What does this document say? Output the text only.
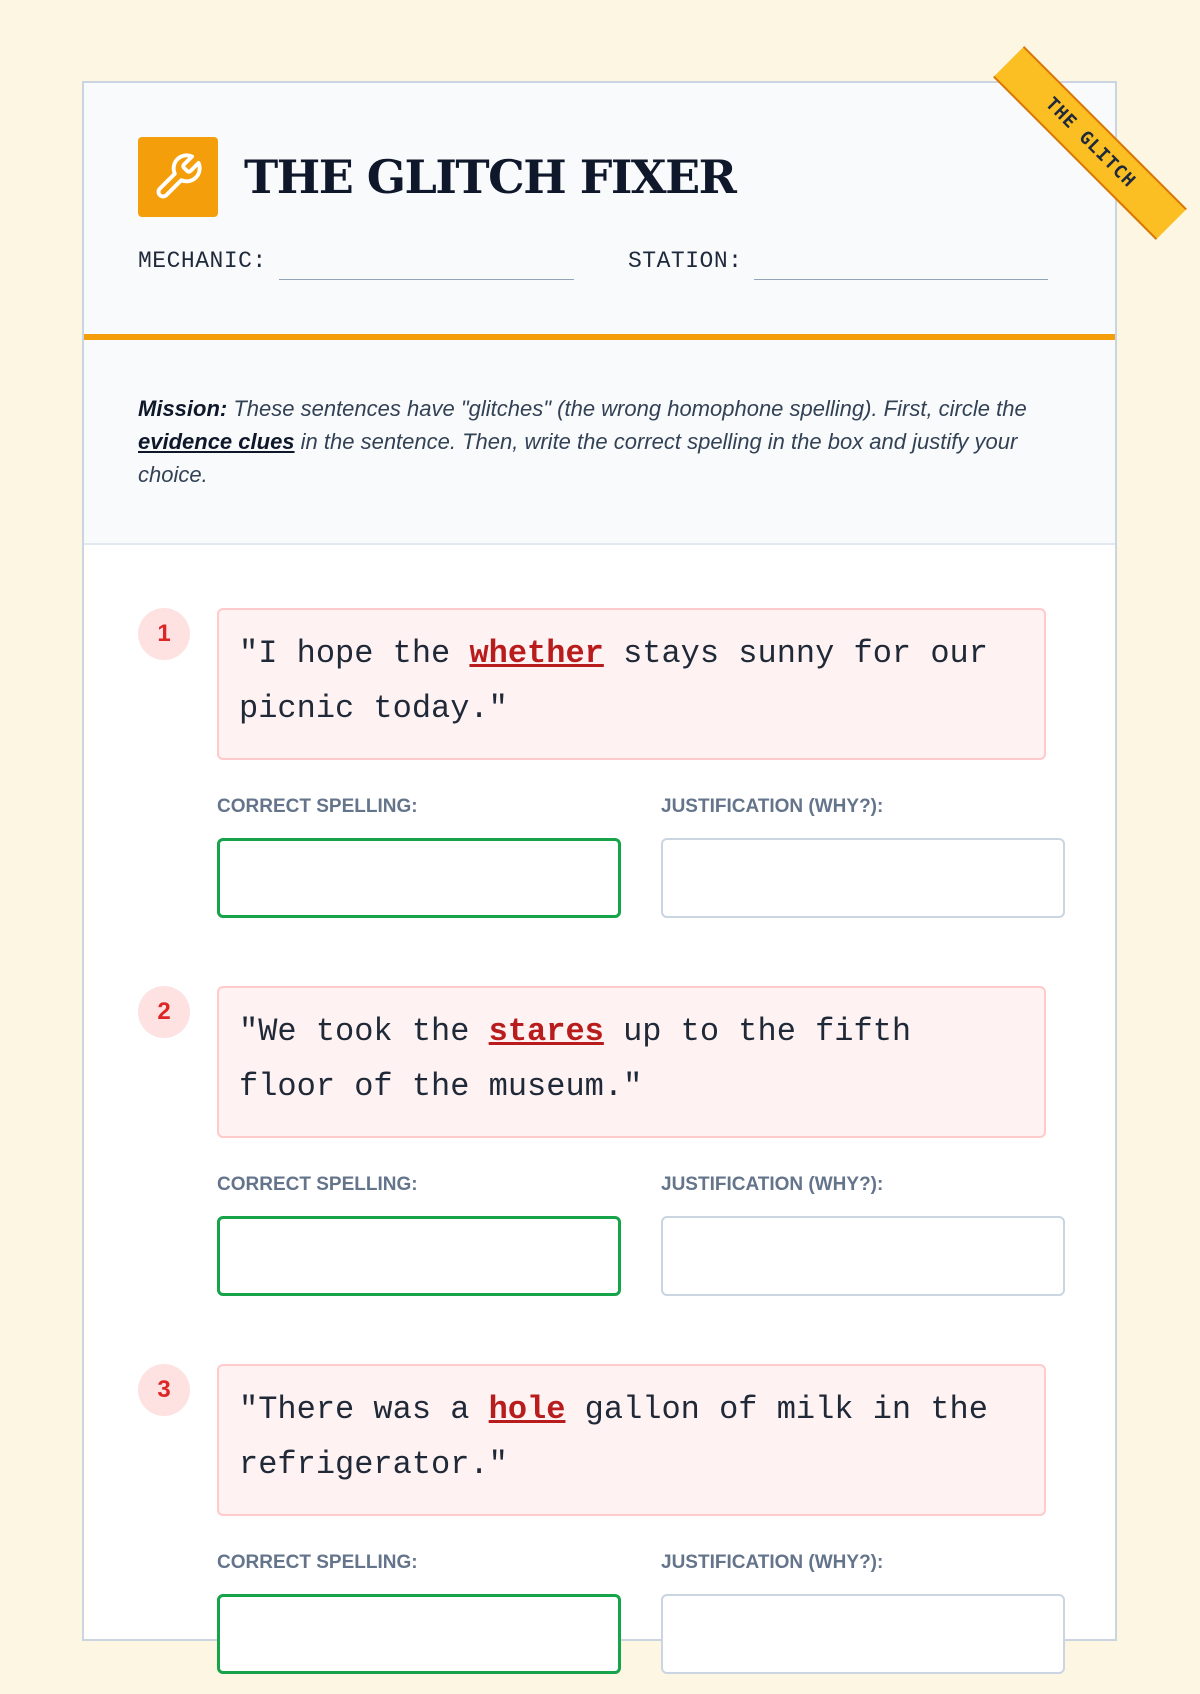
THE GLITCH FIXER
MECHANIC:	STATION:
THE GLITCH
Mission: These sentences have "glitches" (the wrong homophone spelling). First, circle the evidence clues in the sentence. Then, write the correct spelling in the box and justify your choice.
1
"I hope the whether stays sunny for our picnic today."
CORRECT SPELLING:	JUSTIFICATION (WHY?):
2
"We took the stares up to the fifth floor of the museum."
CORRECT SPELLING:	JUSTIFICATION (WHY?):
3
"There was a hole gallon of milk in the refrigerator."
CORRECT SPELLING:	JUSTIFICATION (WHY?):
